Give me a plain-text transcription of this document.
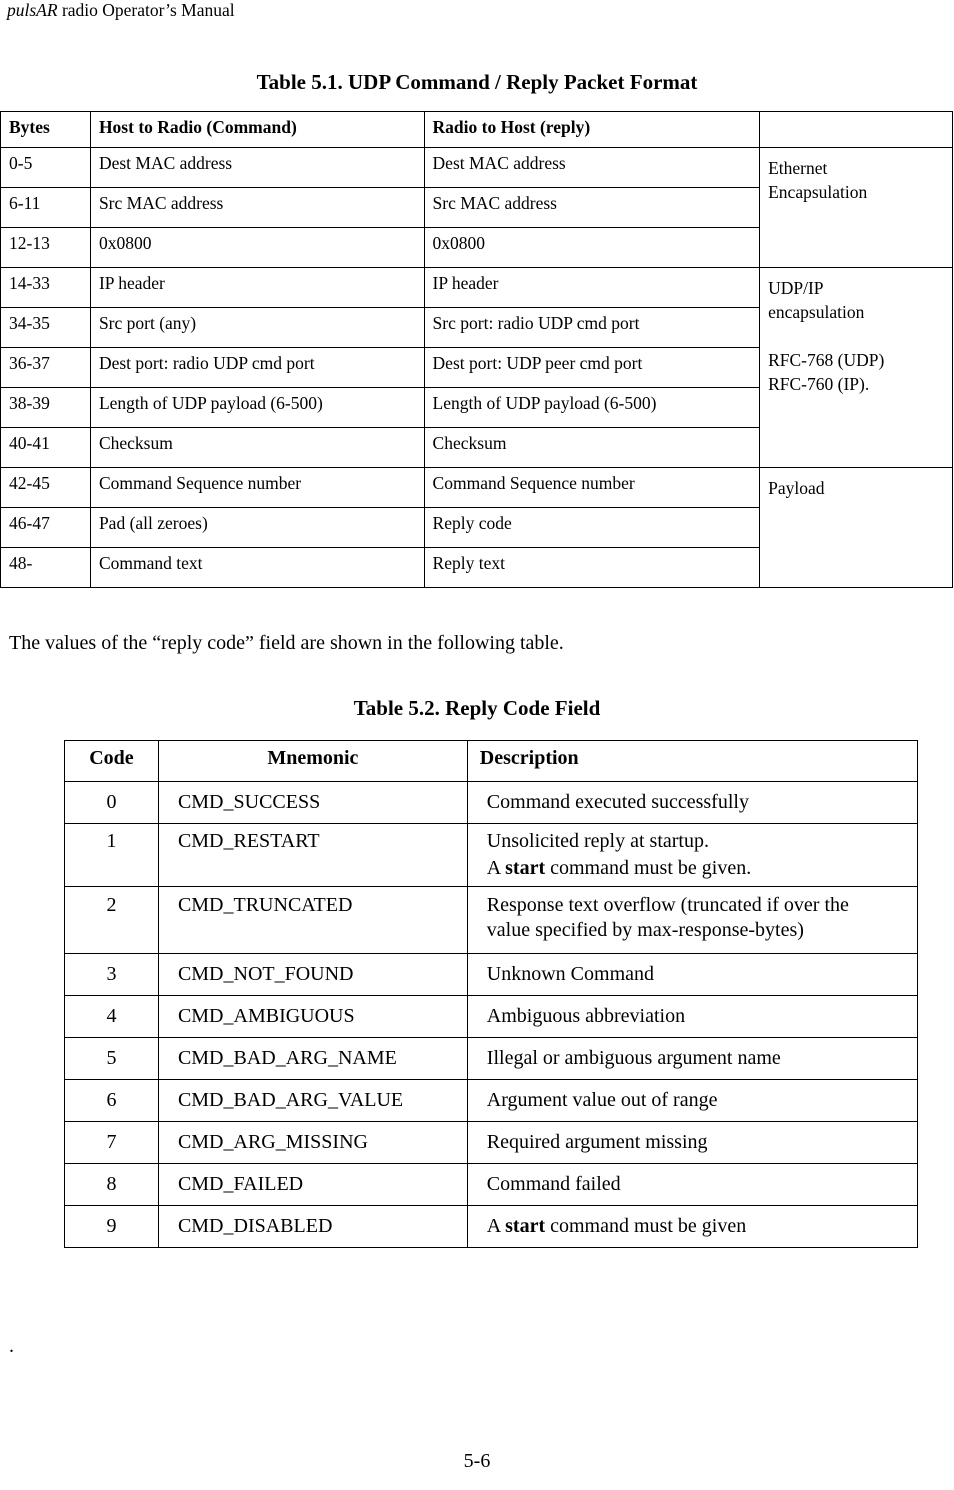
pulsAR radio Operator’s Manual
Table 5.1. UDP Command / Reply Packet Format
Bytes	Host to Radio (Command)	Radio to Host (reply)	
0-5	Dest MAC address	Dest MAC address	Ethernet
Encapsulation
6-11	Src MAC address	Src MAC address	
12-13	0x0800	0x0800	
14-33	IP header	IP header	UDP/IP
encapsulation
RFC-768 (UDP)
RFC-760 (IP).
34-35	Src port (any)	Src port: radio UDP cmd port	
36-37	Dest port: radio UDP cmd port	Dest port: UDP peer cmd port	
38-39	Length of UDP payload (6-500)	Length of UDP payload (6-500)	
40-41	Checksum	Checksum	
42-45	Command Sequence number	Command Sequence number	Payload
46-47	Pad (all zeroes)	Reply code	
48-	Command text	Reply text	
The values of the “reply code” field are shown in the following table.
Table 5.2. Reply Code Field
Code	Mnemonic	Description
0	CMD_SUCCESS	Command executed successfully
1	CMD_RESTART	Unsolicited reply at startup.
A start command must be given.
2	CMD_TRUNCATED	Response text overflow (truncated if over the
value specified by max-response-bytes)
3	CMD_NOT_FOUND	Unknown Command
4	CMD_AMBIGUOUS	Ambiguous abbreviation
5	CMD_BAD_ARG_NAME	Illegal or ambiguous argument name
6	CMD_BAD_ARG_VALUE	Argument value out of range
7	CMD_ARG_MISSING	Required argument missing
8	CMD_FAILED	Command failed
9	CMD_DISABLED	A start command must be given
.
5-6
